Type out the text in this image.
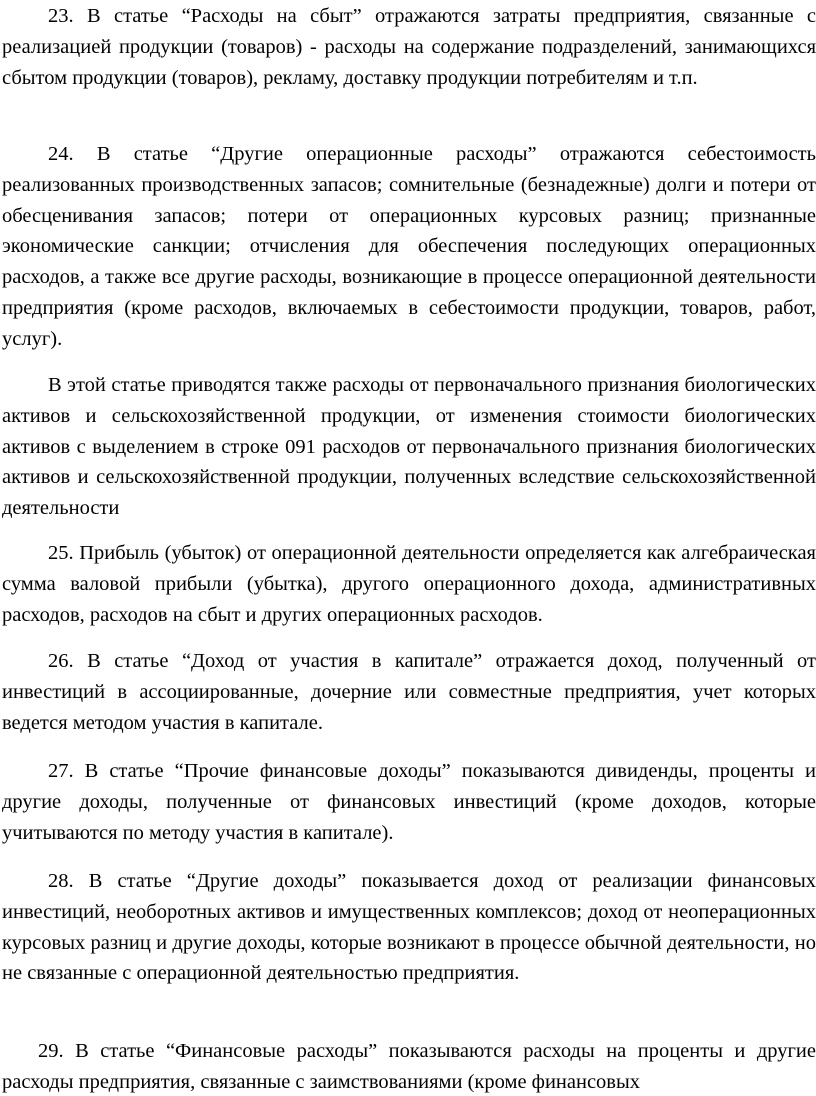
23. В статье “Расходы на сбыт” отражаются затраты предприятия, связанные с реализацией продукции (товаров) - расходы на содержание подразделений, занимающихся сбытом продукции (товаров), рекламу, доставку продукции потребителям и т.п.

24. В статье “Другие операционные расходы” отражаются себестоимость реализованных производственных запасов; сомнительные (безнадежные) долги и потери от обесценивания запасов; потери от операционных курсовых разниц; признанные экономические санкции; отчисления для обеспечения последующих операционных расходов, а также все другие расходы, возникающие в процессе операционной деятельности предприятия (кроме расходов, включаемых в себестоимости продукции, товаров, работ, услуг).

В этой статье приводятся также расходы от первоначального признания биологических активов и сельскохозяйственной продукции, от изменения стоимости биологических активов с выделением в строке 091 расходов от первоначального признания биологических активов и сельскохозяйственной продукции, полученных вследствие сельскохозяйственной деятельности

25. Прибыль (убыток) от операционной деятельности определяется как алгебраическая сумма валовой прибыли (убытка), другого операционного дохода, административных расходов, расходов на сбыт и других операционных расходов.

26. В статье “Доход от участия в капитале” отражается доход, полученный от инвестиций в ассоциированные, дочерние или совместные предприятия, учет которых ведется методом участия в капитале.

27. В статье “Прочие финансовые доходы” показываются дивиденды, проценты и другие доходы, полученные от финансовых инвестиций (кроме доходов, которые учитываются по методу участия в капитале).

28. В статье “Другие доходы” показывается доход от реализации финансовых инвестиций, необоротных активов и имущественных комплексов; доход от неоперационных курсовых разниц и другие доходы, которые возникают в процессе обычной деятельности, но не связанные с операционной деятельностью предприятия.

29. В статье “Финансовые расходы” показываются расходы на проценты и другие расходы предприятия, связанные с заимствованиями (кроме финансовых
